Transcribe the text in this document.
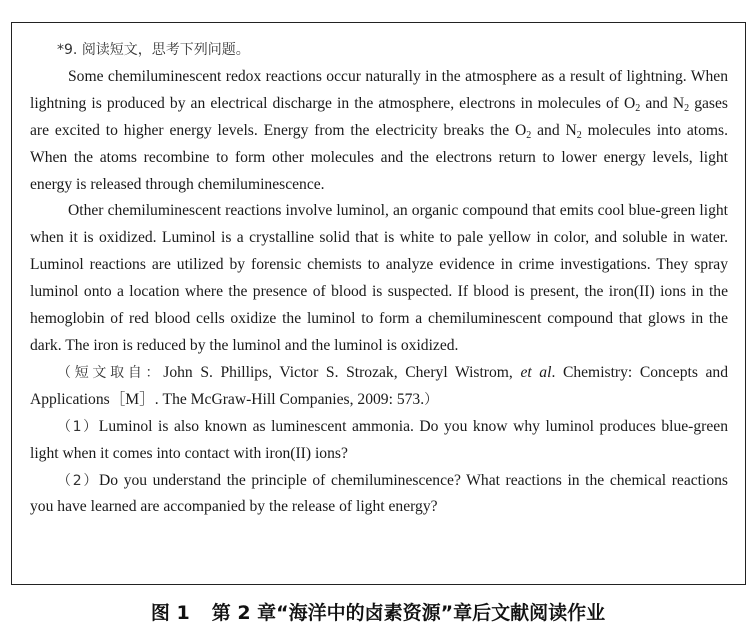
*9. 阅读短文，思考下列问题。

Some chemiluminescent redox reactions occur naturally in the atmosphere as a result of lightning. When lightning is produced by an electrical discharge in the atmosphere, electrons in molecules of $O_2$ and $N_2$ gases are excited to higher energy levels. Energy from the electricity breaks the $O_2$ and $N_2$ molecules into atoms. When the atoms recombine to form other molecules and the electrons return to lower energy levels, light energy is released through chemiluminescence.

Other chemiluminescent reactions involve luminol, an organic compound that emits cool blue-green light when it is oxidized. Luminol is a crystalline solid that is white to pale yellow in color, and soluble in water. Luminol reactions are utilized by forensic chemists to analyze evidence in crime investigations. They spray luminol onto a location where the presence of blood is suspected. If blood is present, the iron(II) ions in the hemoglobin of red blood cells oxidize the luminol to form a chemiluminescent compound that glows in the dark. The iron is reduced by the luminol and the luminol is oxidized.

（短文取自：John S. Phillips, Victor S. Strozak, Cheryl Wistrom, et al. Chemistry: Concepts and Applications［M］. The McGraw-Hill Companies, 2009: 573.）

（1）Luminol is also known as luminescent ammonia. Do you know why luminol produces blue-green light when it comes into contact with iron(II) ions?

（2）Do you understand the principle of chemiluminescence? What reactions in the chemical reactions you have learned are accompanied by the release of light energy?

图 1 第 2 章“海洋中的卤素资源”章后文献阅读作业
